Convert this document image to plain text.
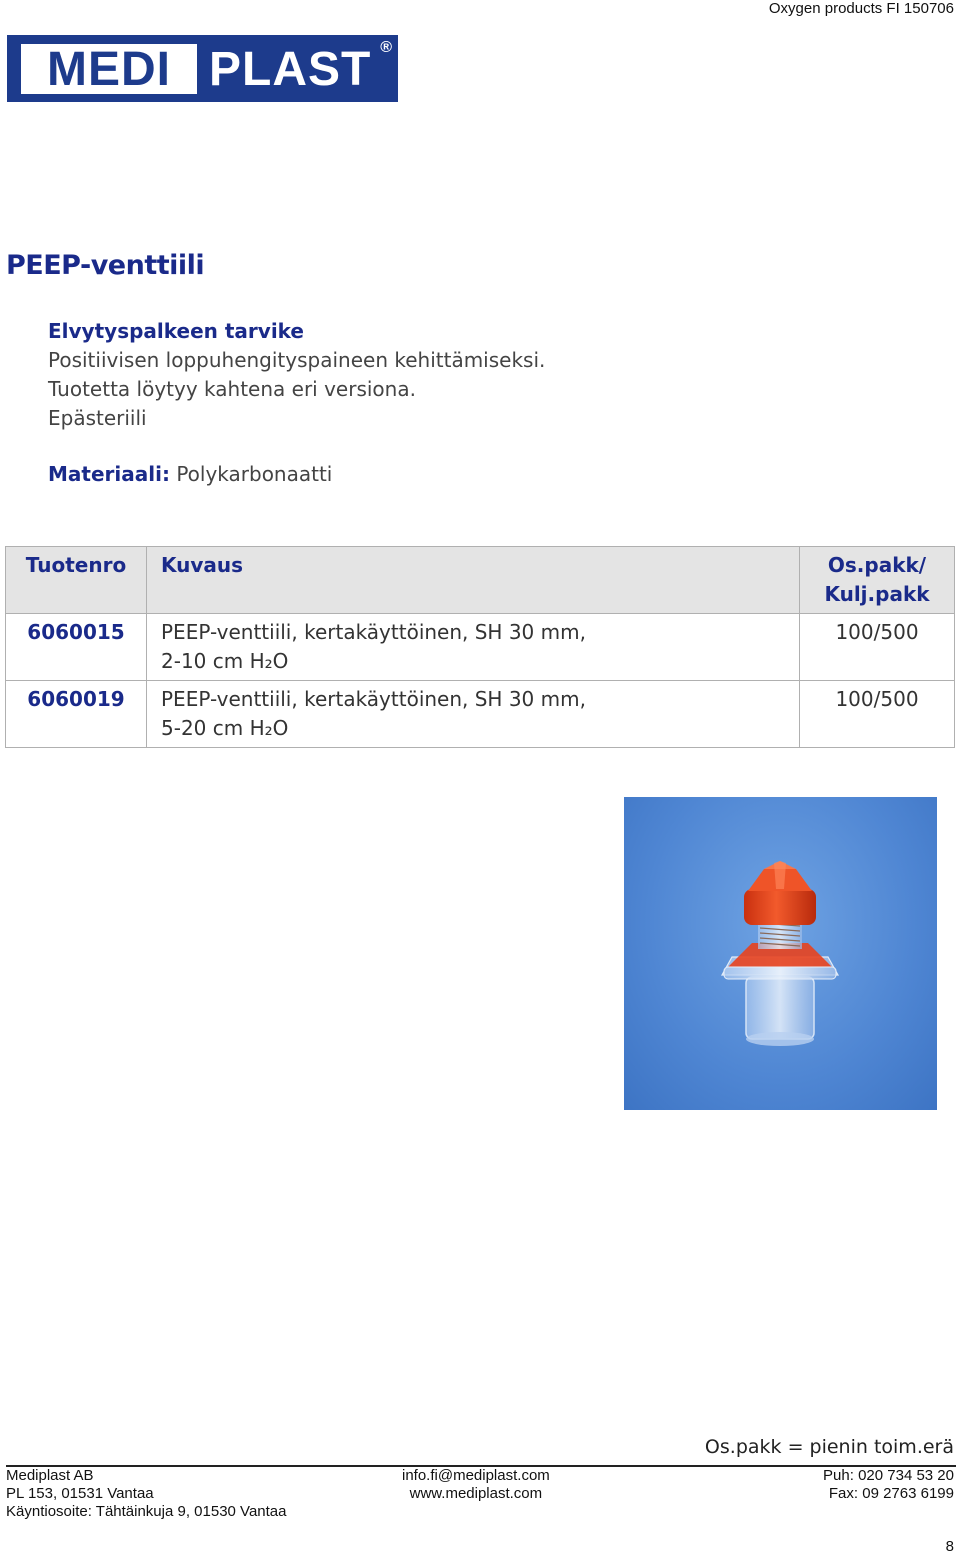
Oxygen products FI 150706
MEDI PLAST ®
PEEP-venttiili

Elvytyspalkeen tarvike

Positiivisen loppuhengityspaineen kehittämiseksi.

Tuotetta löytyy kahtena eri versiona.

Epästeriili

Materiaali: Polykarbonaatti
Tuotenro	Kuvaus	Os.pakk/
Kulj.pakk

6060015	PEEP-venttiili, kertakäyttöinen, SH 30 mm,
2-10 cm H₂O	100/500
6060019	PEEP-venttiili, kertakäyttöinen, SH 30 mm,
5-20 cm H₂O	100/500
Os.pakk = pienin toim.erä
Mediplast AB
PL 153, 01531 Vantaa
Käyntiosoite: Tähtäinkuja 9, 01530 Vantaa
info.fi@mediplast.com
www.mediplast.com
Puh: 020 734 53 20
Fax: 09 2763 6199
8
